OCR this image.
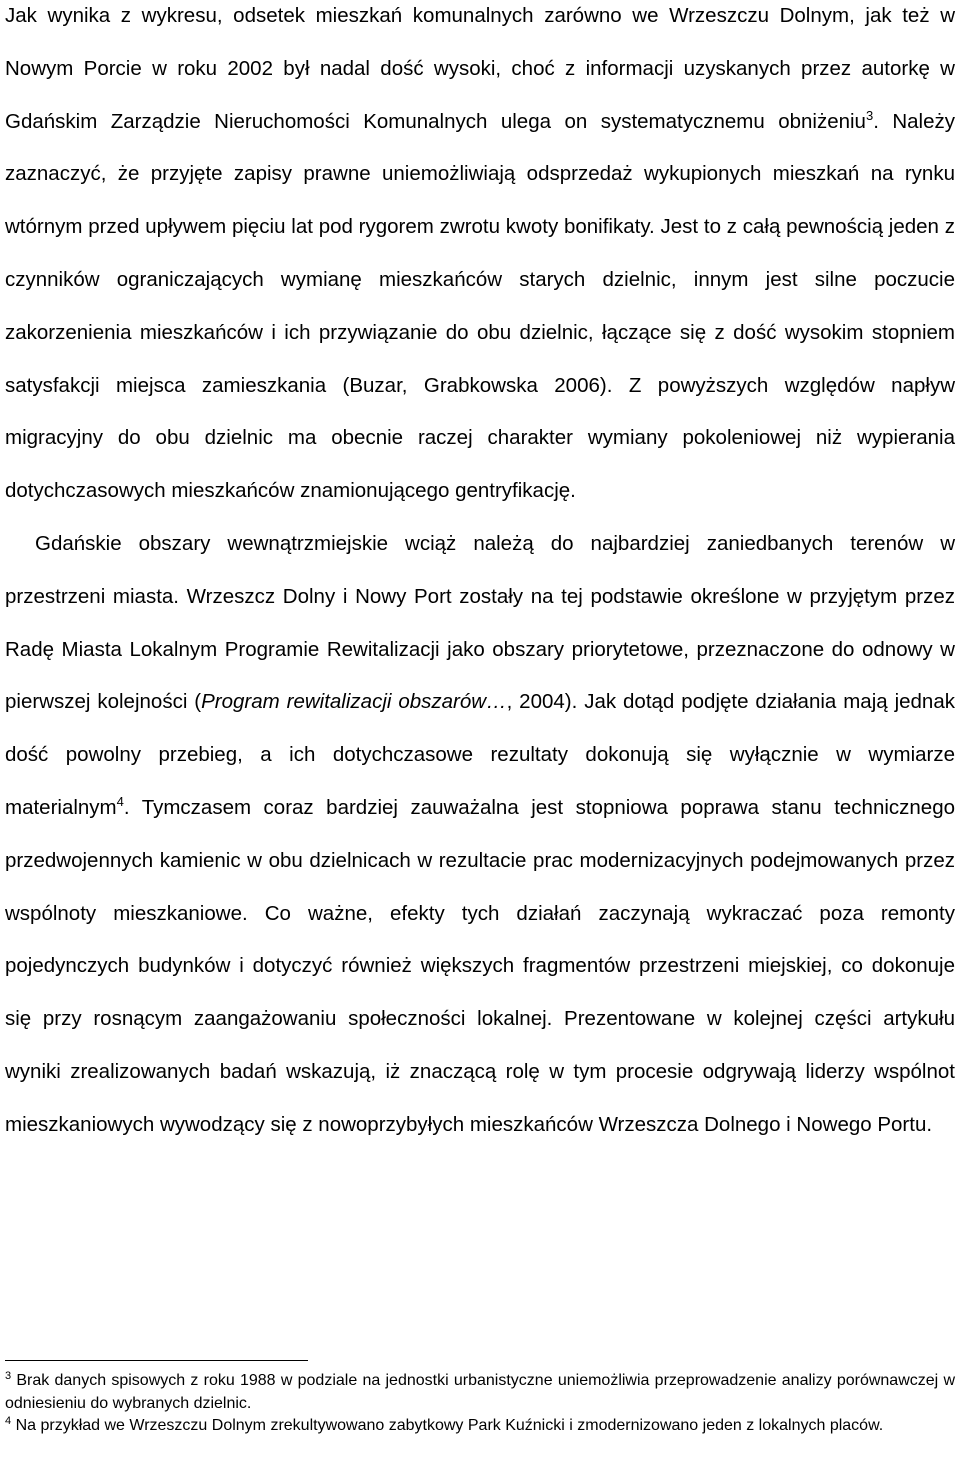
Jak wynika z wykresu, odsetek mieszkań komunalnych zarówno we Wrzeszczu Dolnym, jak też w Nowym Porcie w roku 2002 był nadal dość wysoki, choć z informacji uzyskanych przez autorkę w Gdańskim Zarządzie Nieruchomości Komunalnych ulega on systematycznemu obniżeniu$^3$. Należy zaznaczyć, że przyjęte zapisy prawne uniemożliwiają odsprzedaż wykupionych mieszkań na rynku wtórnym przed upływem pięciu lat pod rygorem zwrotu kwoty bonifikaty. Jest to z całą pewnością jeden z czynników ograniczających wymianę mieszkańców starych dzielnic, innym jest silne poczucie zakorzenienia mieszkańców i ich przywiązanie do obu dzielnic, łączące się z dość wysokim stopniem satysfakcji miejsca zamieszkania (Buzar, Grabkowska 2006). Z powyższych względów napływ migracyjny do obu dzielnic ma obecnie raczej charakter wymiany pokoleniowej niż wypierania dotychczasowych mieszkańców znamionującego gentryfikację.

Gdańskie obszary wewnątrzmiejskie wciąż należą do najbardziej zaniedbanych terenów w przestrzeni miasta. Wrzeszcz Dolny i Nowy Port zostały na tej podstawie określone w przyjętym przez Radę Miasta Lokalnym Programie Rewitalizacji jako obszary priorytetowe, przeznaczone do odnowy w pierwszej kolejności (Program rewitalizacji obszarów…, 2004). Jak dotąd podjęte działania mają jednak dość powolny przebieg, a ich dotychczasowe rezultaty dokonują się wyłącznie w wymiarze materialnym$^4$. Tymczasem coraz bardziej zauważalna jest stopniowa poprawa stanu technicznego przedwojennych kamienic w obu dzielnicach w rezultacie prac modernizacyjnych podejmowanych przez wspólnoty mieszkaniowe. Co ważne, efekty tych działań zaczynają wykraczać poza remonty pojedynczych budynków i dotyczyć również większych fragmentów przestrzeni miejskiej, co dokonuje się przy rosnącym zaangażowaniu społeczności lokalnej. Prezentowane w kolejnej części artykułu wyniki zrealizowanych badań wskazują, iż znaczącą rolę w tym procesie odgrywają liderzy wspólnot mieszkaniowych wywodzący się z nowoprzybyłych mieszkańców Wrzeszcza Dolnego i Nowego Portu.

$^3$ Brak danych spisowych z roku 1988 w podziale na jednostki urbanistyczne uniemożliwia przeprowadzenie analizy porównawczej w odniesieniu do wybranych dzielnic.

$^4$ Na przykład we Wrzeszczu Dolnym zrekultywowano zabytkowy Park Kuźnicki i zmodernizowano jeden z lokalnych placów.
